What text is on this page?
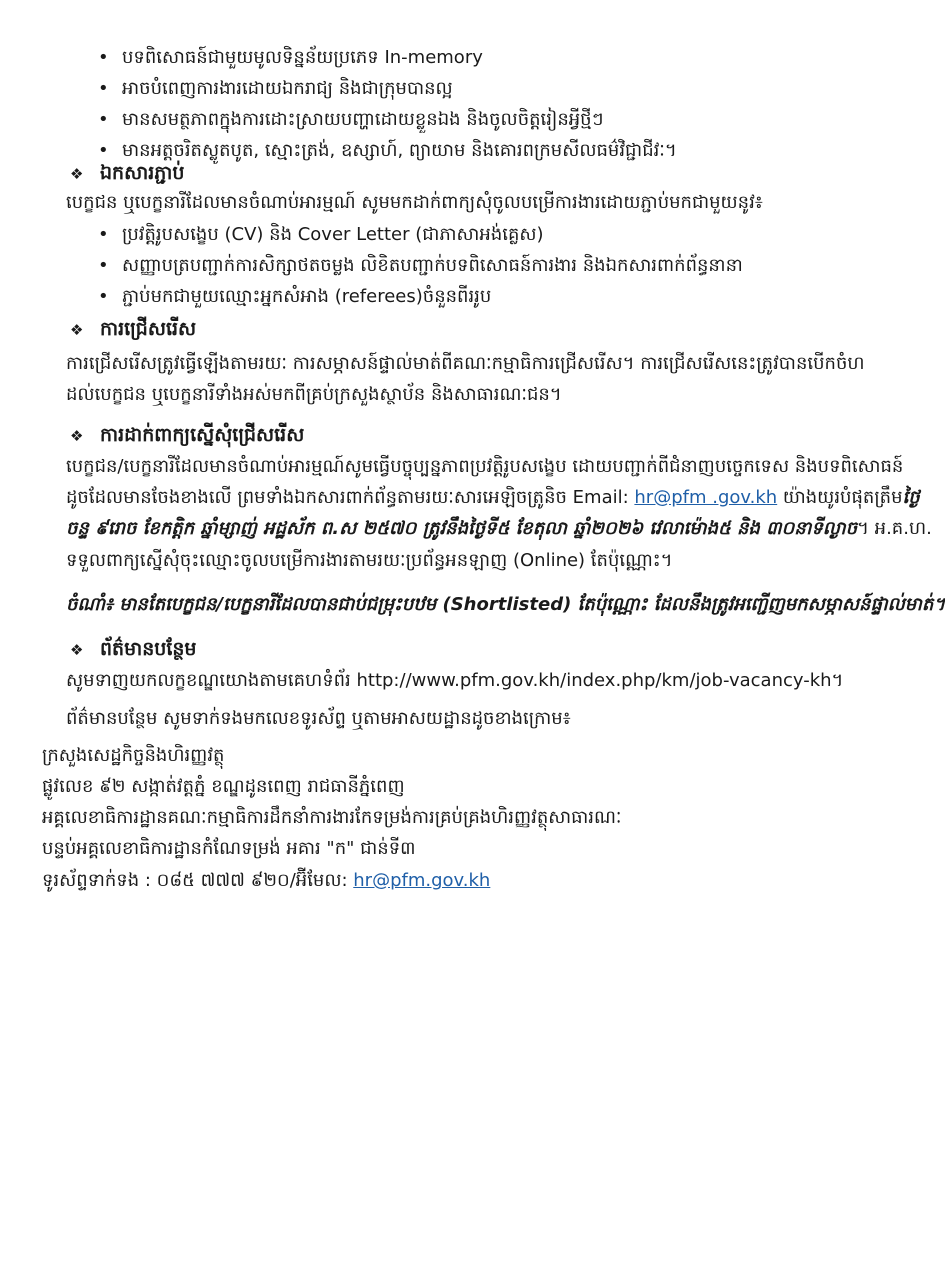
• បទពិសោធន៍ជាមួយមូលទិន្នន័យប្រភេទ In-memory
• អាចបំពេញការងារដោយឯករាជ្យ និងជាក្រុមបានល្អ
• មានសមត្ថភាពក្នុងការដោះស្រាយបញ្ហាដោយខ្លួនឯង និងចូលចិត្តរៀនអ្វីថ្មីៗ
• មានអត្តចរិតស្លូតបូត, ស្មោះត្រង់, ឧស្សាហ៍, ព្យាយាម និងគោរពក្រមសីលធម៌វិជ្ជាជីវៈ។
❖ ឯកសារភ្ជាប់

បេក្ខជន ឬបេក្ខនារីដែលមានចំណាប់អារម្មណ៍ សូមមកដាក់ពាក្យសុំចូលបម្រើការងារដោយភ្ជាប់មកជាមួយនូវ៖

• ប្រវត្តិរូបសង្ខេប (CV) និង Cover Letter (ជាភាសាអង់គ្លេស)
• សញ្ញាបត្របញ្ជាក់ការសិក្សាថតចម្លង លិខិតបញ្ជាក់បទពិសោធន៍ការងារ និងឯកសារពាក់ព័ន្ធនានា
• ភ្ជាប់មកជាមួយឈ្មោះអ្នកសំអាង (referees)ចំនួនពីររូប
❖ ការជ្រើសរើស

ការជ្រើសរើសត្រូវធ្វើឡើងតាមរយៈ ការសម្ភាសន៍ផ្ទាល់មាត់ពីគណៈកម្មាធិការជ្រើសរើស។ ការជ្រើសរើសនេះត្រូវបានបើកចំហ

ដល់បេក្ខជន ឬបេក្ខនារីទាំងអស់មកពីគ្រប់ក្រសួងស្ថាប័ន និងសាធារណៈជន។

❖ ការដាក់ពាក្យស្នើសុំជ្រើសរើស

បេក្ខជន/បេក្ខនារីដែលមានចំណាប់អារម្មណ៍សូមធ្វើបច្ចុប្បន្នភាពប្រវត្តិរូបសង្ខេប ដោយបញ្ជាក់ពីជំនាញបច្ចេកទេស និងបទពិសោធន៍

ដូចដែលមានចែងខាងលើ ព្រមទាំងឯកសារពាក់ព័ន្ធតាមរយៈសារអេឡិចត្រូនិច Email: hr@pfm .gov.kh យ៉ាងយូរបំផុតត្រឹមថ្ងៃ

ចន្ទ ៩រោច ខែកត្ដិក ឆ្នាំម្សាញ់ អដ្ឋស័ក ព.ស ២៥៧០ ត្រូវនឹងថ្ងៃទី៥ ខែតុលា ឆ្នាំ២០២៦ វេលាម៉ោង៥ និង ៣០នាទីល្ងាច។ អ.គ.ហ.

ទទួលពាក្យស្នើសុំចុះឈ្មោះចូលបម្រើការងារតាមរយៈប្រព័ន្ធអនឡាញ (Online) តែប៉ុណ្ណោះ។

ចំណាំ៖ មានតែបេក្ខជន/បេក្ខនារីដែលបានជាប់ជម្រុះបឋម (Shortlisted) តែប៉ុណ្ណោះ ដែលនឹងត្រូវអញ្ជើញមកសម្ភាសន៍ផ្ទាល់មាត់។

❖ ព័ត៌មានបន្ថែម

សូមទាញយកលក្ខខណ្ឌយោងតាមគេហទំព័រ http://www.pfm.gov.kh/index.php/km/job-vacancy-kh។

ព័ត៌មានបន្ថែម សូមទាក់ទងមកលេខទូរស័ព្ទ ឬតាមអាសយដ្ឋានដូចខាងក្រោម៖

ក្រសួងសេដ្ឋកិច្ចនិងហិរញ្ញវត្ថុ

ផ្លូវលេខ ៩២ សង្កាត់វត្តភ្នំ ខណ្ឌដូនពេញ រាជធានីភ្នំពេញ

អគ្គលេខាធិការដ្ឋានគណៈកម្មាធិការដឹកនាំការងារកែទម្រង់ការគ្រប់គ្រងហិរញ្ញវត្ថុសាធារណៈ

បន្ទប់អគ្គលេខាធិការដ្ឋានកំណែទម្រង់ អគារ "ក" ជាន់ទី៣

ទូរស័ព្ទទាក់ទង : ០៨៥ ៧៧៧ ៩២០/អ៊ីមែល: hr@pfm.gov.kh
